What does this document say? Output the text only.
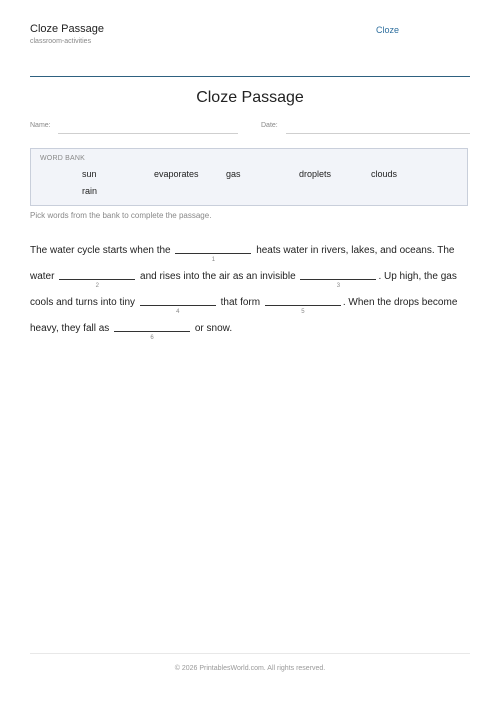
Cloze Passage
classroom-activities
Cloze
Cloze Passage
Name:	Date:
WORD BANK
sun	evaporates	gas	droplets	clouds
rain
Pick words from the bank to complete the passage.
The water cycle starts when the
1
heats water in rivers, lakes, and oceans. The water
2
and rises into the air as an invisible
3
. Up high, the gas cools and turns into tiny
4
that form
5
. When the drops become heavy, they fall as
6
or snow.
© 2026 PrintablesWorld.com. All rights reserved.
